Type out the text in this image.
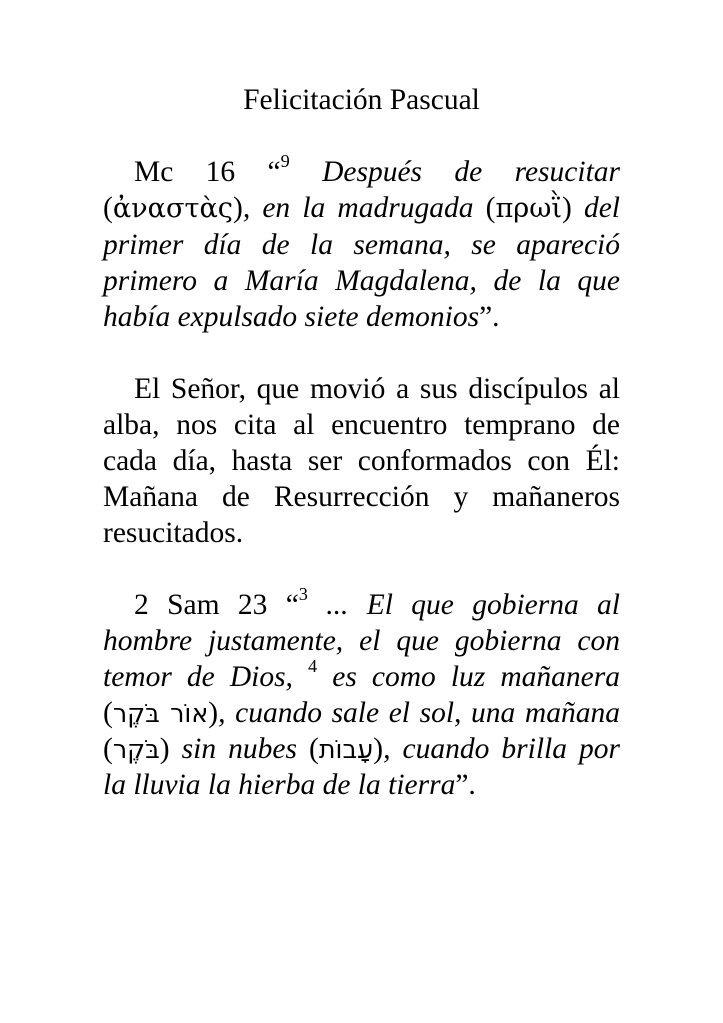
Felicitación Pascual

Mc 16 “$^9$ Después de resucitar (ἀναστὰς), en la madrugada (πρωῒ) del primer día de la semana, se apareció primero a María Magdalena, de la que había expulsado siete demonios”.

El Señor, que movió a sus discípulos al alba, nos cita al encuentro temprano de cada día, hasta ser conformados con Él: Mañana de Resurrección y mañaneros resucitados.

2 Sam 23 “$^3$ ... El que gobierna al hombre justamente, el que gobierna con temor de Dios, $^4$ es como luz mañanera (אוֹר בֹּקֶר), cuando sale el sol, una mañana (בֹּקֶר) sin nubes (עָבוֹת), cuando brilla por la lluvia la hierba de la tierra”.
